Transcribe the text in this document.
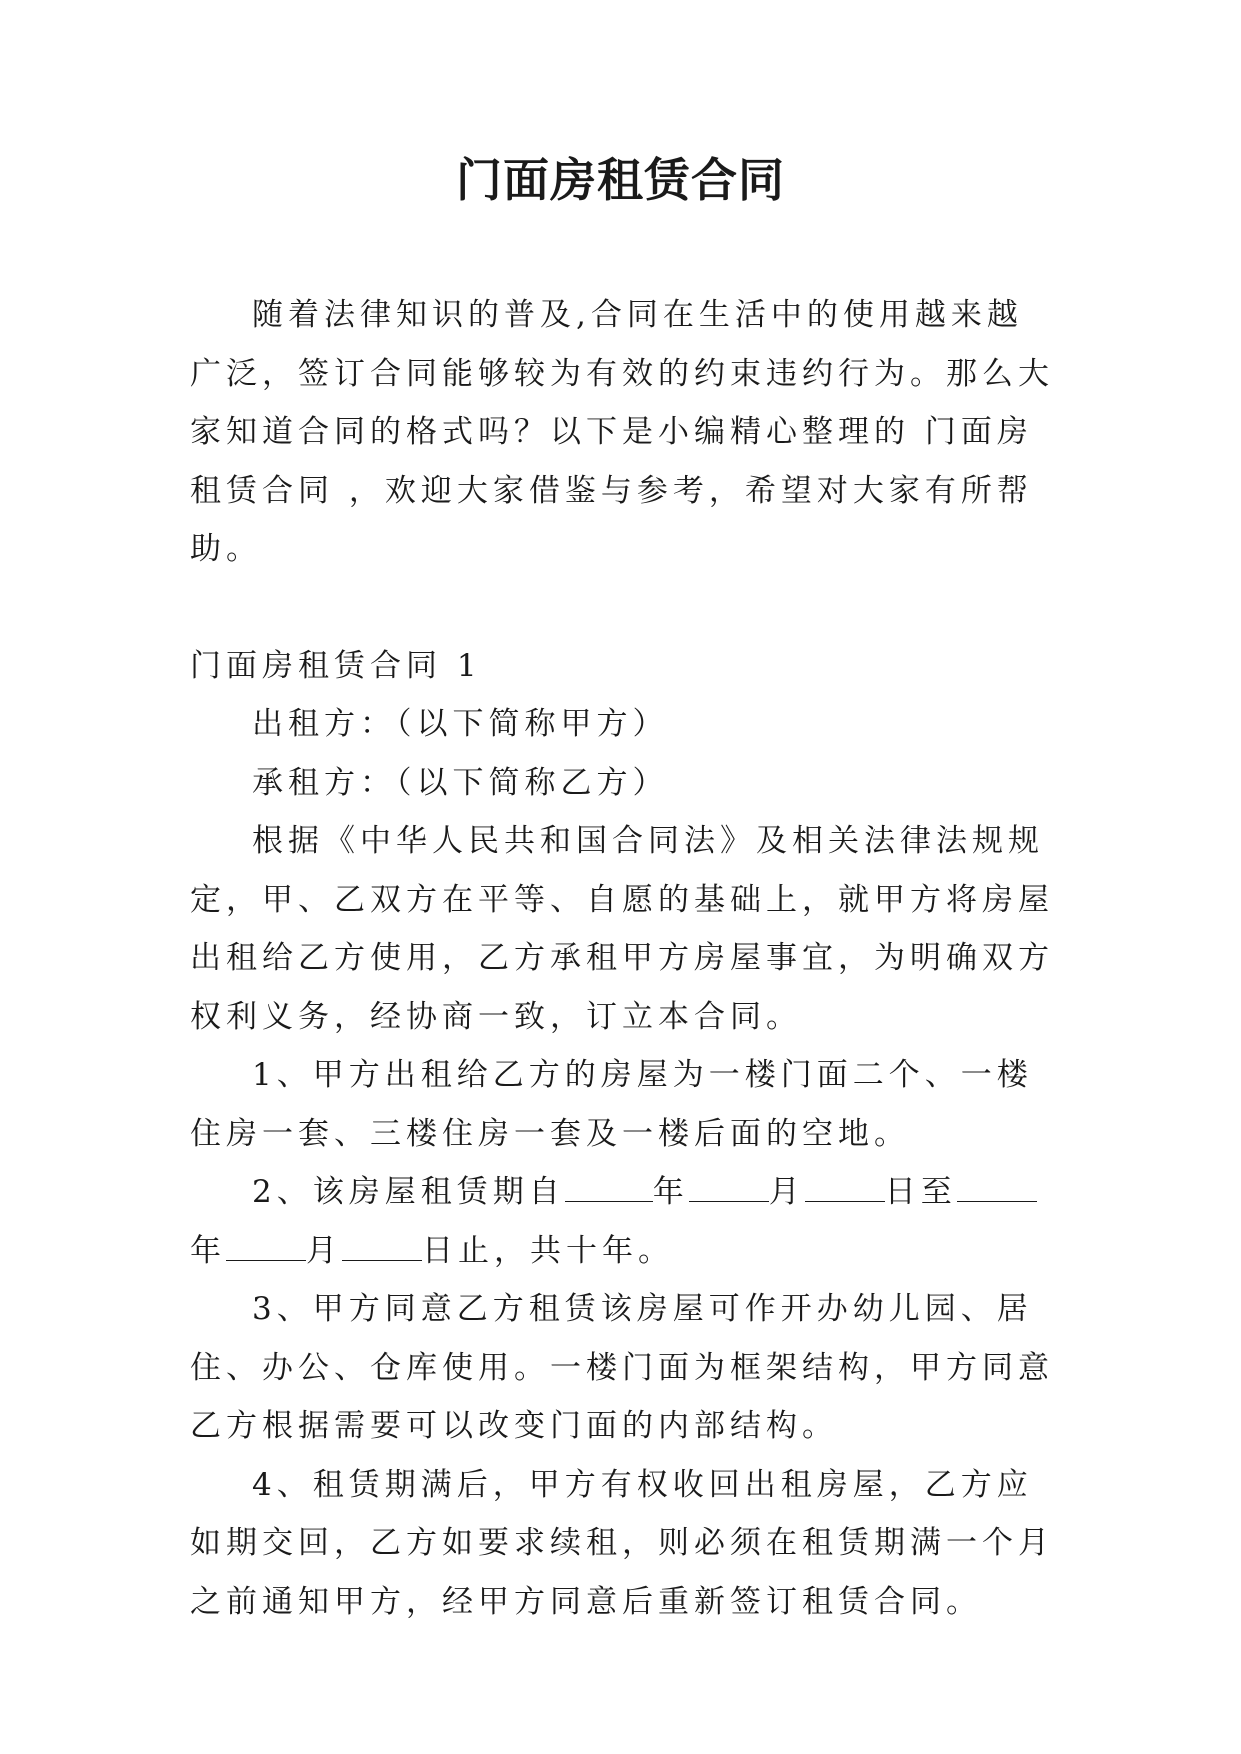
门面房租赁合同

随着法律知识的普及,合同在生活中的使用越来越广泛，签订合同能够较为有效的约束违约行为。那么大家知道合同的格式吗？以下是小编精心整理的 门面房租赁合同 ，欢迎大家借鉴与参考，希望对大家有所帮助。

门面房租赁合同 1

出租方：（以下简称甲方）

承租方：（以下简称乙方）

根据《中华人民共和国合同法》及相关法律法规规定，甲、乙双方在平等、自愿的基础上，就甲方将房屋出租给乙方使用，乙方承租甲方房屋事宜，为明确双方权利义务，经协商一致，订立本合同。

1、甲方出租给乙方的房屋为一楼门面二个、一楼住房一套、三楼住房一套及一楼后面的空地。

2、该房屋租赁期自	年	月	日至年	月	日止，共十年。

3、甲方同意乙方租赁该房屋可作开办幼儿园、居住、办公、仓库使用。一楼门面为框架结构，甲方同意乙方根据需要可以改变门面的内部结构。

4、租赁期满后，甲方有权收回出租房屋，乙方应如期交回，乙方如要求续租，则必须在租赁期满一个月之前通知甲方，经甲方同意后重新签订租赁合同。
